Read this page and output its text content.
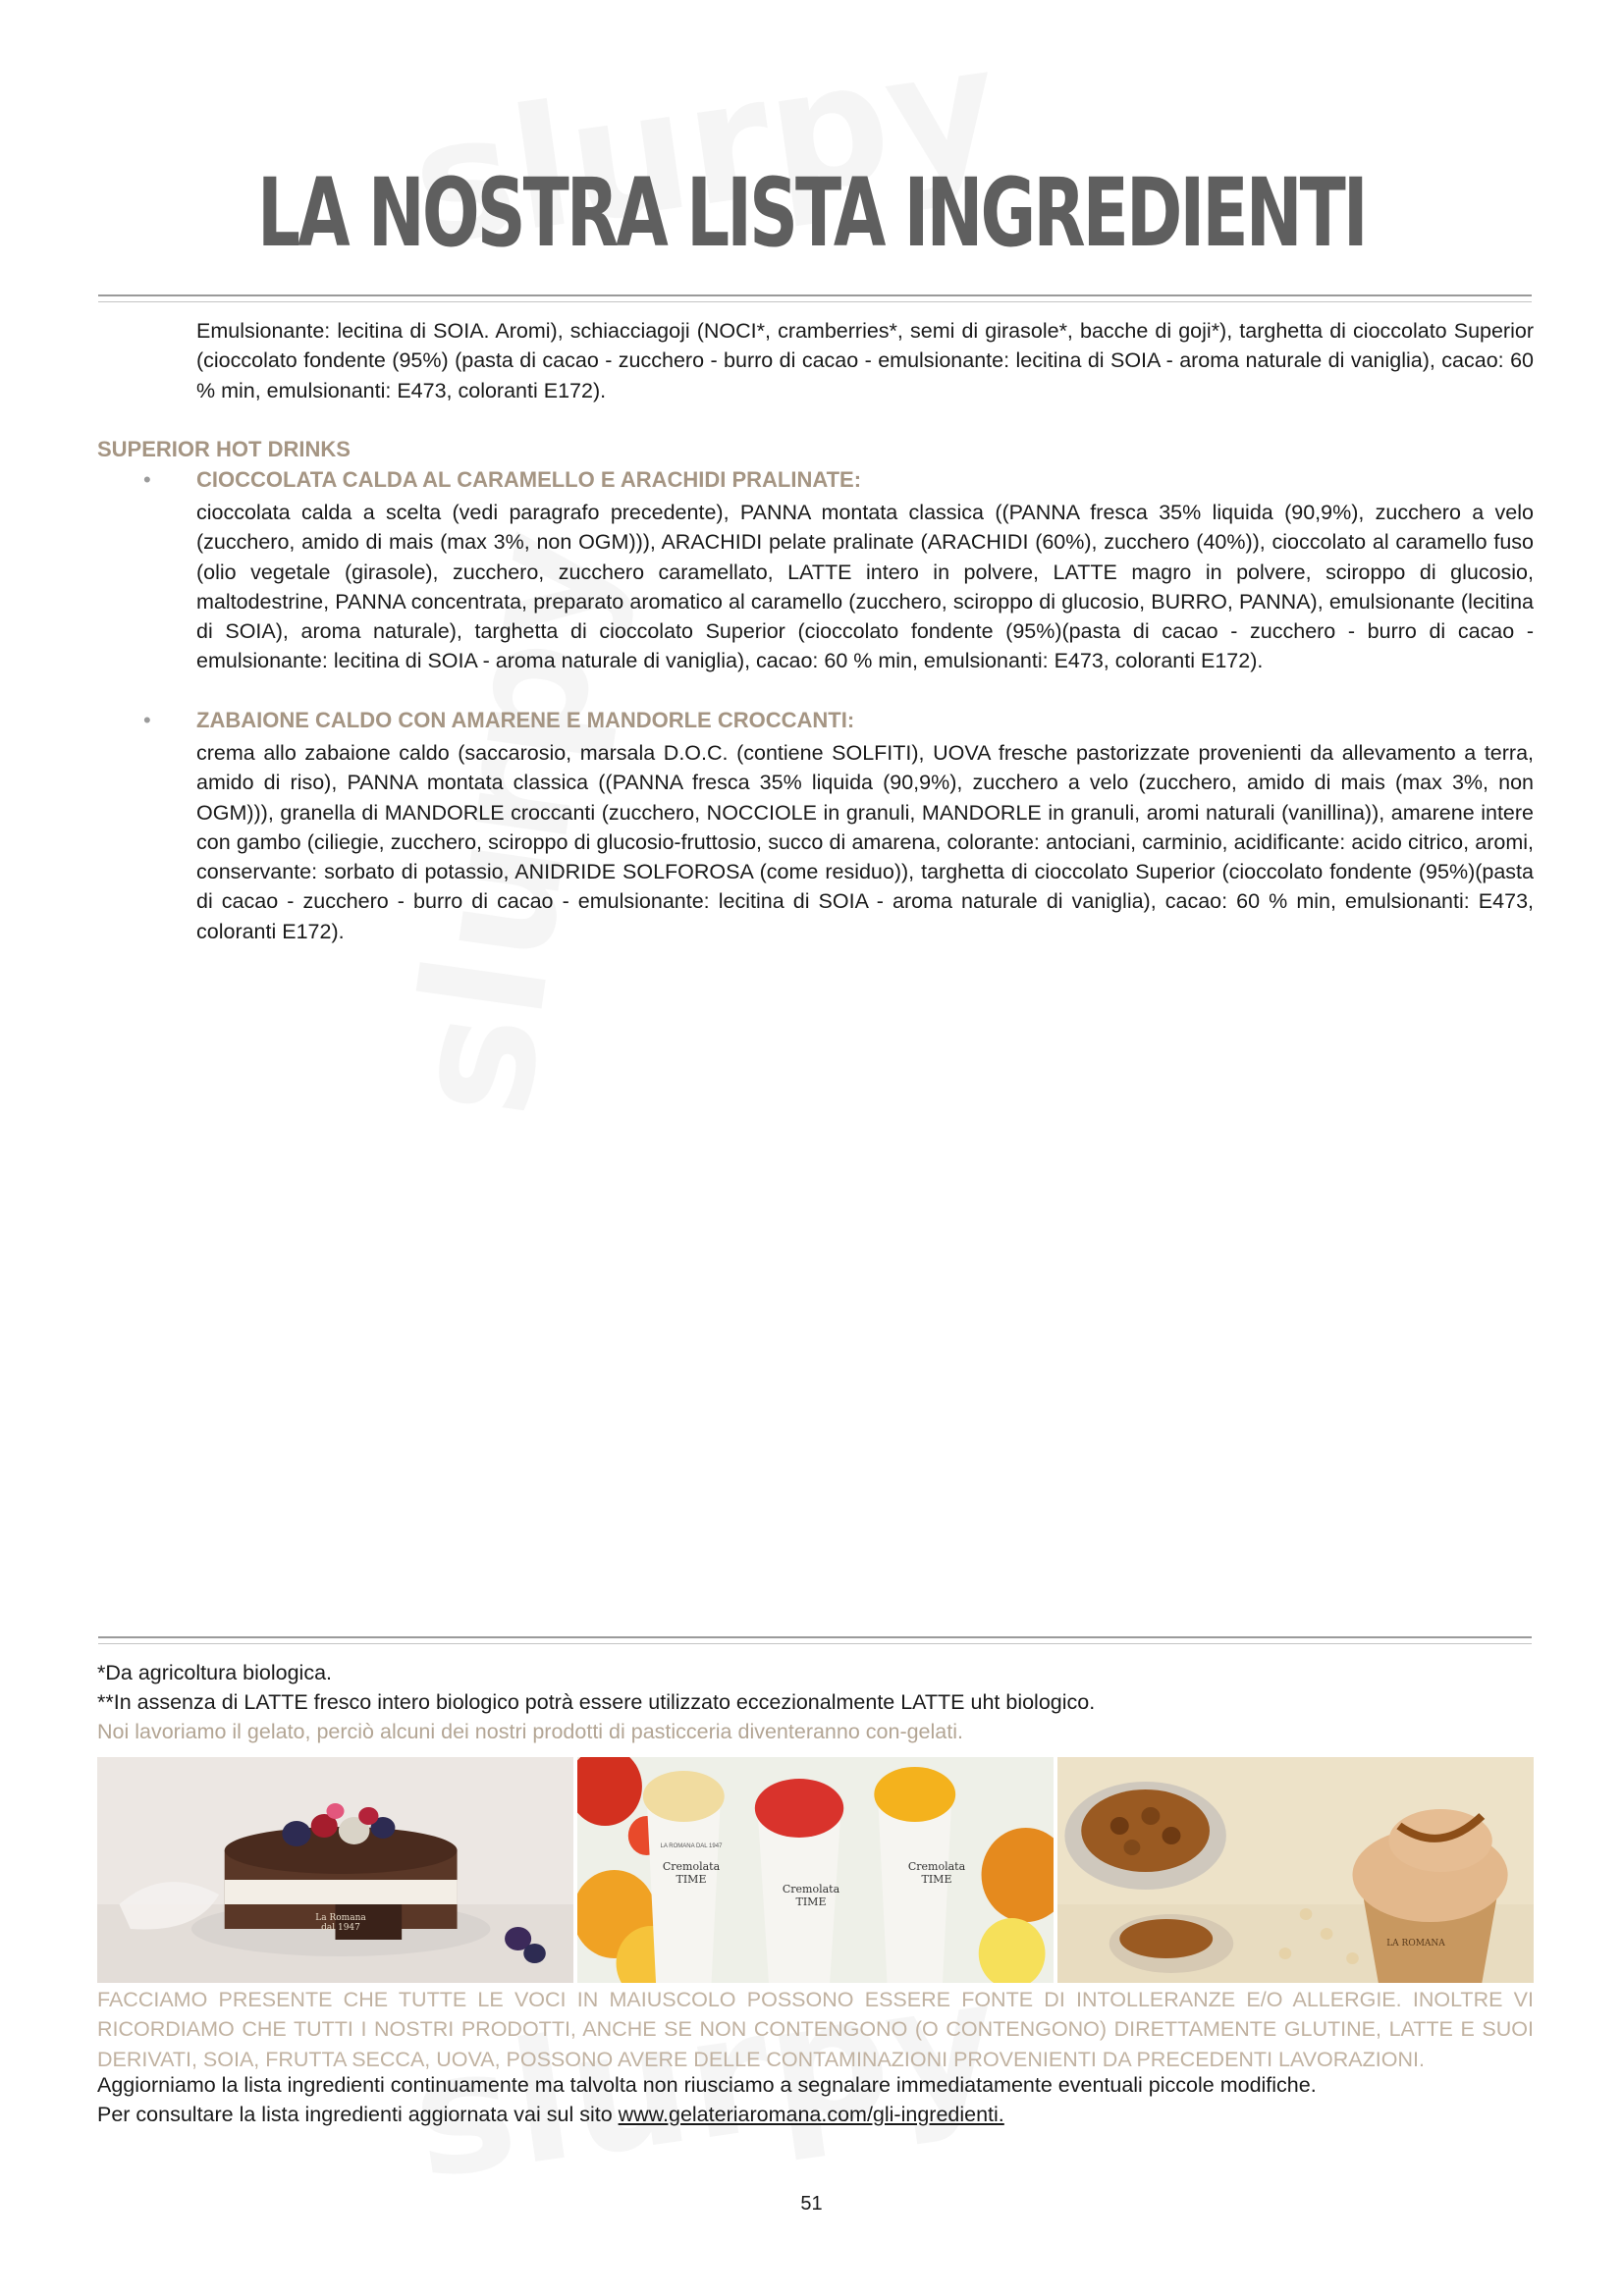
LA NOSTRA LISTA INGREDIENTI

Emulsionante: lecitina di SOIA. Aromi), schiacciagoji (NOCI*, cramberries*, semi di girasole*, bacche di goji*), targhetta di cioccolato Superior (cioccolato fondente (95%) (pasta di cacao - zucchero - burro di cacao - emulsionante: lecitina di SOIA - aroma naturale di vaniglia), cacao: 60 % min, emulsionanti: E473, coloranti E172).

SUPERIOR HOT DRINKS
• CIOCCOLATA CALDA AL CARAMELLO E ARACHIDI PRALINATE:

cioccolata calda a scelta (vedi paragrafo precedente), PANNA montata classica ((PANNA fresca 35% liquida (90,9%), zucchero a velo (zucchero, amido di mais (max 3%, non OGM))), ARACHIDI pelate pralinate (ARACHIDI (60%), zucchero (40%)), cioccolato al caramello fuso (olio vegetale (girasole), zucchero, zucchero caramellato, LATTE intero in polvere, LATTE magro in polvere, sciroppo di glucosio, maltodestrine, PANNA concentrata, preparato aromatico al caramello (zucchero, sciroppo di glucosio, BURRO, PANNA), emulsionante (lecitina di SOIA), aroma naturale), targhetta di cioccolato Superior (cioccolato fondente (95%)(pasta di cacao - zucchero - burro di cacao - emulsionante: lecitina di SOIA - aroma naturale di vaniglia), cacao: 60 % min, emulsionanti: E473, coloranti E172).

• ZABAIONE CALDO CON AMARENE E MANDORLE CROCCANTI:

crema allo zabaione caldo (saccarosio, marsala D.O.C. (contiene SOLFITI), UOVA fresche pastorizzate provenienti da allevamento a terra, amido di riso), PANNA montata classica ((PANNA fresca 35% liquida (90,9%), zucchero a velo (zucchero, amido di mais (max 3%, non OGM))), granella di MANDORLE croccanti (zucchero, NOCCIOLE in granuli, MANDORLE in granuli, aromi naturali (vanillina)), amarene intere con gambo (ciliegie, zucchero, sciroppo di glucosio-fruttosio, succo di amarena, colorante: antociani, carminio, acidificante: acido citrico, aromi, conservante: sorbato di potassio, ANIDRIDE SOLFOROSA (come residuo)), targhetta di cioccolato Superior (cioccolato fondente (95%)(pasta di cacao - zucchero - burro di cacao - emulsionante: lecitina di SOIA - aroma naturale di vaniglia), cacao: 60 % min, emulsionanti: E473, coloranti E172).

*Da agricoltura biologica.

**In assenza di LATTE fresco intero biologico potrà essere utilizzato eccezionalmente LATTE uht biologico.

Noi lavoriamo il gelato, perciò alcuni dei nostri prodotti di pasticceria diventeranno con-gelati.

La Romana dal 1947
Cremolata TIME
Cremolata TIME
Cremolata TIME
LA ROMANA DAL 1947
LA ROMANA

FACCIAMO PRESENTE CHE TUTTE LE VOCI IN MAIUSCOLO POSSONO ESSERE FONTE DI INTOLLERANZE E/O ALLERGIE. INOLTRE VI RICORDIAMO CHE TUTTI I NOSTRI PRODOTTI, ANCHE SE NON CONTENGONO (O CONTENGONO) DIRETTAMENTE GLUTINE, LATTE E SUOI DERIVATI, SOIA, FRUTTA SECCA, UOVA, POSSONO AVERE DELLE CONTAMINAZIONI PROVENIENTI DA PRECEDENTI LAVORAZIONI.

Aggiorniamo la lista ingredienti continuamente ma talvolta non riusciamo a segnalare immediatamente eventuali piccole modifiche.

Per consultare la lista ingredienti aggiornata vai sul sito www.gelateriaromana.com/gli-ingredienti.

51
